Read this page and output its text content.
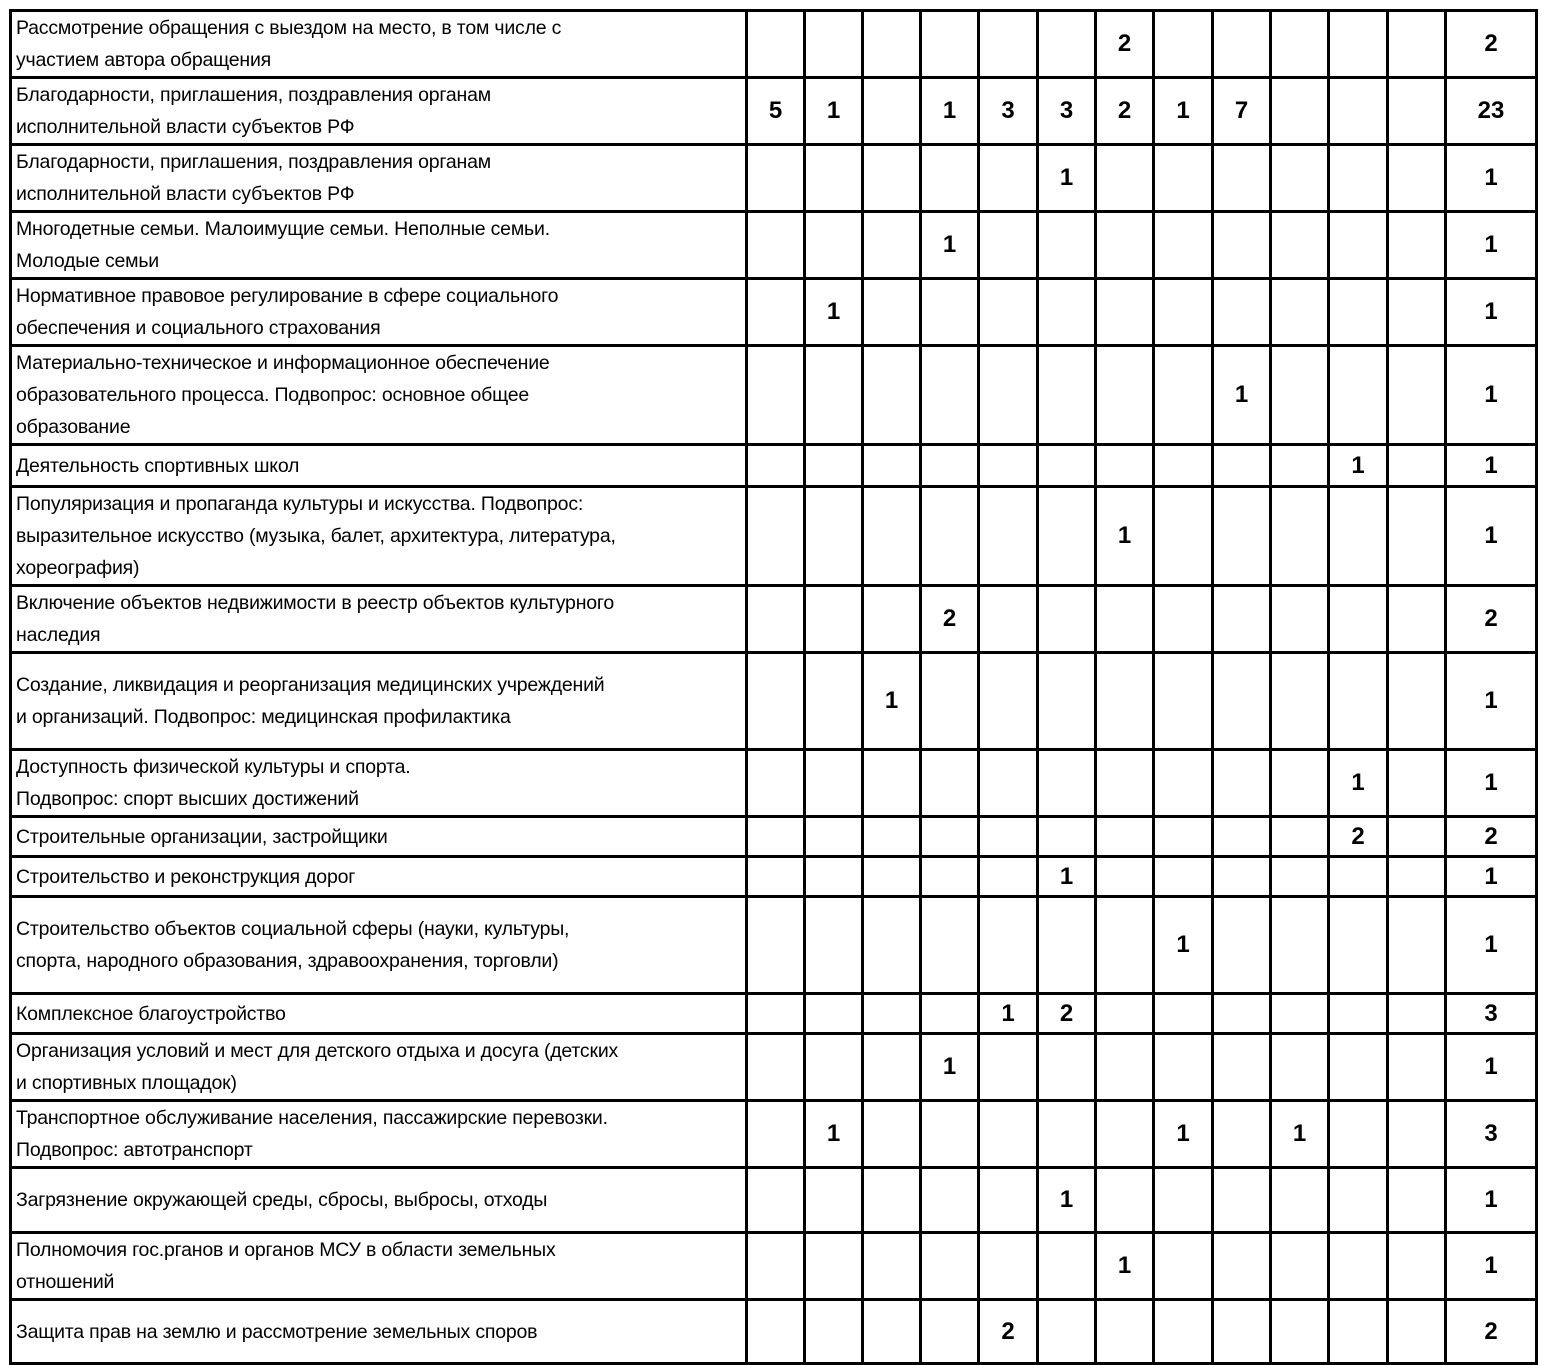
Рассмотрение обращения с выездом на место, в том числе с
участием автора обращения							2						2
Благодарности, приглашения, поздравления органам
исполнительной власти субъектов РФ	5	1		1	3	3	2	1	7				23
Благодарности, приглашения, поздравления органам
исполнительной власти субъектов РФ						1							1
Многодетные семьи. Малоимущие семьи. Неполные семьи.
Молодые семьи				1									1
Нормативное правовое регулирование в сфере социального
обеспечения и социального страхования		1											1
Материально-техническое и информационное обеспечение
образовательного процесса. Подвопрос: основное общее
образование									1				1
Деятельность спортивных школ											1		1
Популяризация и пропаганда культуры и искусства. Подвопрос:
выразительное искусство (музыка, балет, архитектура, литература,
хореография)							1						1
Включение объектов недвижимости в реестр объектов культурного
наследия				2									2
Создание, ликвидация и реорганизация медицинских учреждений
и организаций. Подвопрос: медицинская профилактика			1										1
Доступность физической культуры и спорта.
Подвопрос: спорт высших достижений											1		1
Строительные организации, застройщики											2		2
Строительство и реконструкция дорог						1							1
Строительство объектов социальной сферы (науки, культуры,
спорта, народного образования, здравоохранения, торговли)								1					1
Комплексное благоустройство					1	2							3
Организация условий и мест для детского отдыха и досуга (детских
и спортивных площадок)				1									1
Транспортное обслуживание населения, пассажирские перевозки.
Подвопрос: автотранспорт		1						1		1			3
Загрязнение окружающей среды, сбросы, выбросы, отходы						1							1
Полномочия гос.рганов и органов МСУ в области земельных
отношений							1						1
Защита прав на землю и рассмотрение земельных споров					2								2
